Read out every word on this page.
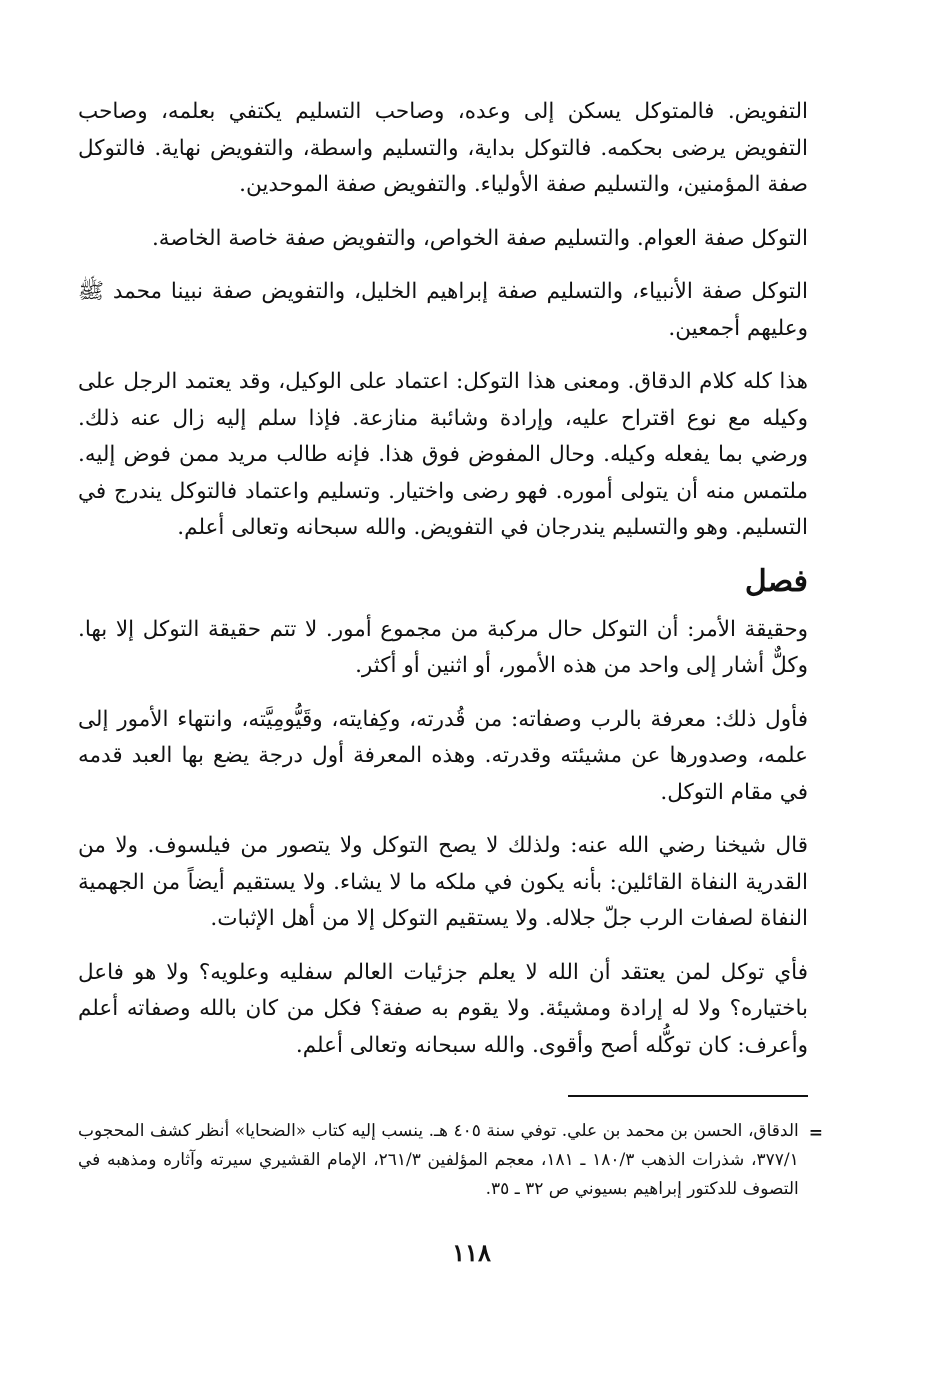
التفويض. فالمتوكل يسكن إلى وعده، وصاحب التسليم يكتفي بعلمه، وصاحب التفويض يرضى بحكمه. فالتوكل بداية، والتسليم واسطة، والتفويض نهاية. فالتوكل صفة المؤمنين، والتسليم صفة الأولياء. والتفويض صفة الموحدين.

التوكل صفة العوام. والتسليم صفة الخواص، والتفويض صفة خاصة الخاصة.

التوكل صفة الأنبياء، والتسليم صفة إبراهيم الخليل، والتفويض صفة نبينا محمد ﷺ وعليهم أجمعين.

هذا كله كلام الدقاق. ومعنى هذا التوكل: اعتماد على الوكيل، وقد يعتمد الرجل على وكيله مع نوع اقتراح عليه، وإرادة وشائبة منازعة. فإذا سلم إليه زال عنه ذلك. ورضي بما يفعله وكيله. وحال المفوض فوق هذا. فإنه طالب مريد ممن فوض إليه. ملتمس منه أن يتولى أموره. فهو رضى واختيار. وتسليم واعتماد فالتوكل يندرج في التسليم. وهو والتسليم يندرجان في التفويض. والله سبحانه وتعالى أعلم.

فصل

وحقيقة الأمر: أن التوكل حال مركبة من مجموع أمور. لا تتم حقيقة التوكل إلا بها. وكلٌّ أشار إلى واحد من هذه الأمور، أو اثنين أو أكثر.

فأول ذلك: معرفة بالرب وصفاته: من قُدرته، وكِفايته، وقَيُّومِيَّته، وانتهاء الأمور إلى علمه، وصدورها عن مشيئته وقدرته. وهذه المعرفة أول درجة يضع بها العبد قدمه في مقام التوكل.

قال شيخنا رضي الله عنه: ولذلك لا يصح التوكل ولا يتصور من فيلسوف. ولا من القدرية النفاة القائلين: بأنه يكون في ملكه ما لا يشاء. ولا يستقيم أيضاً من الجهمية النفاة لصفات الرب جلّ جلاله. ولا يستقيم التوكل إلا من أهل الإثبات.

فأي توكل لمن يعتقد أن الله لا يعلم جزئيات العالم سفليه وعلويه؟ ولا هو فاعل باختياره؟ ولا له إرادة ومشيئة. ولا يقوم به صفة؟ فكل من كان بالله وصفاته أعلم وأعرف: كان توكُّله أصح وأقوى. والله سبحانه وتعالى أعلم.

=
الدقاق، الحسن بن محمد بن علي. توفي سنة ٤٠٥ هـ. ينسب إليه كتاب «الضحايا» أنظر كشف المحجوب ٣٧٧/١، شذرات الذهب ١٨٠/٣ ـ ١٨١، معجم المؤلفين ٢٦١/٣، الإمام القشيري سيرته وآثاره ومذهبه في التصوف للدكتور إبراهيم بسيوني ص ٣٢ ـ ٣٥.
١١٨
